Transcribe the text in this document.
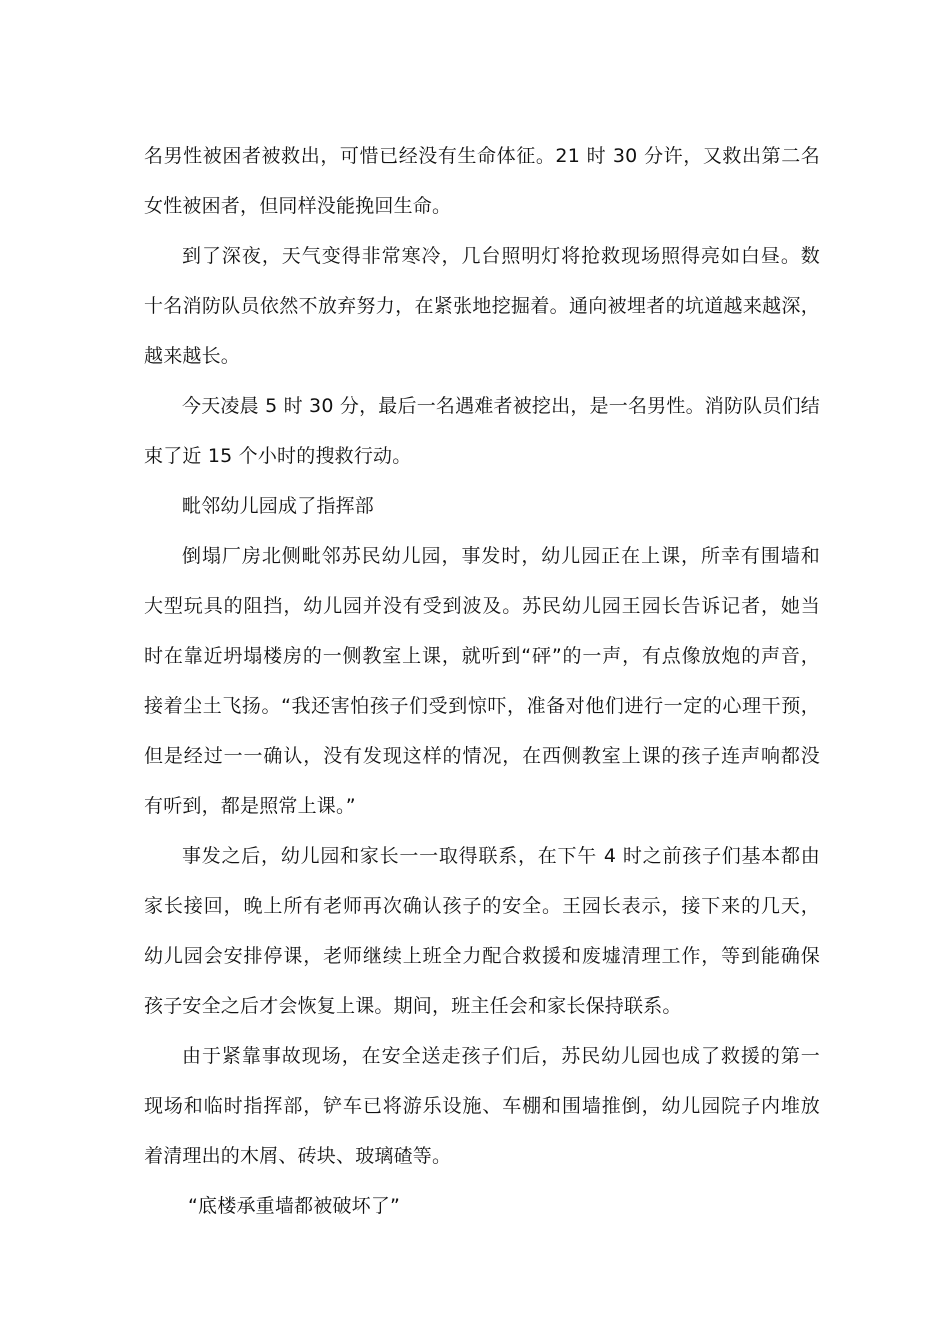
名男性被困者被救出，可惜已经没有生命体征。21 时 30 分许，又救出第二名
女性被困者，但同样没能挽回生命。
到了深夜，天气变得非常寒冷，几台照明灯将抢救现场照得亮如白昼。数
十名消防队员依然不放弃努力，在紧张地挖掘着。通向被埋者的坑道越来越深，
越来越长。
今天凌晨 5 时 30 分，最后一名遇难者被挖出，是一名男性。消防队员们结
束了近 15 个小时的搜救行动。
毗邻幼儿园成了指挥部
倒塌厂房北侧毗邻苏民幼儿园，事发时，幼儿园正在上课，所幸有围墙和
大型玩具的阻挡，幼儿园并没有受到波及。苏民幼儿园王园长告诉记者，她当
时在靠近坍塌楼房的一侧教室上课，就听到“砰”的一声，有点像放炮的声音，
接着尘土飞扬。“我还害怕孩子们受到惊吓，准备对他们进行一定的心理干预，
但是经过一一确认，没有发现这样的情况，在西侧教室上课的孩子连声响都没
有听到，都是照常上课。”
事发之后，幼儿园和家长一一取得联系，在下午 4 时之前孩子们基本都由
家长接回，晚上所有老师再次确认孩子的安全。王园长表示，接下来的几天，
幼儿园会安排停课，老师继续上班全力配合救援和废墟清理工作，等到能确保
孩子安全之后才会恢复上课。期间，班主任会和家长保持联系。
由于紧靠事故现场，在安全送走孩子们后，苏民幼儿园也成了救援的第一
现场和临时指挥部，铲车已将游乐设施、车棚和围墙推倒，幼儿园院子内堆放
着清理出的木屑、砖块、玻璃碴等。
“底楼承重墙都被破坏了”
